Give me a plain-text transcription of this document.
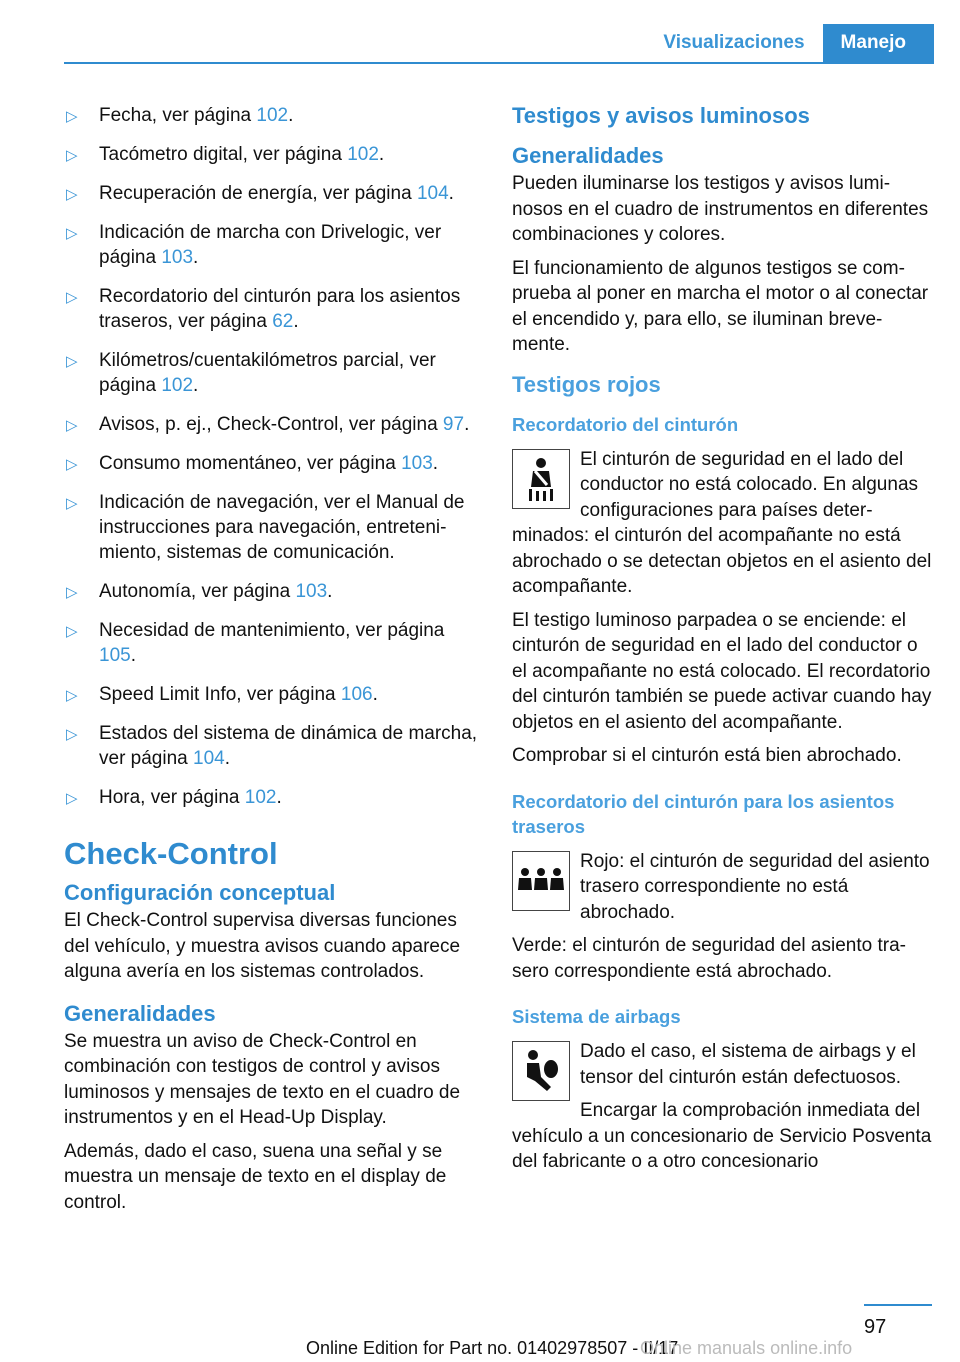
Visualizaciones	Manejo
▷ Fecha, ver página 102.
▷ Tacómetro digital, ver página 102.
▷ Recuperación de energía, ver página 104.
▷ Indicación de marcha con Drivelogic, ver página 103.
▷ Recordatorio del cinturón para los asientos traseros, ver página 62.
▷ Kilómetros/cuentakilómetros parcial, ver página 102.
▷ Avisos, p. ej., Check-Control, ver página 97.
▷ Consumo momentáneo, ver página 103.
▷ Indicación de navegación, ver el Manual de instrucciones para navegación, entretenimiento, sistemas de comunicación.
▷ Autonomía, ver página 103.
▷ Necesidad de mantenimiento, ver página 105.
▷ Speed Limit Info, ver página 106.
▷ Estados del sistema de dinámica de marcha, ver página 104.
▷ Hora, ver página 102.
Check-Control
Configuración conceptual

El Check-Control supervisa diversas funciones del vehículo, y muestra avisos cuando aparece alguna avería en los sistemas controlados.

Generalidades

Se muestra un aviso de Check-Control en combinación con testigos de control y avisos luminosos y mensajes de texto en el cuadro de instrumentos y en el Head-Up Display.

Además, dado el caso, suena una señal y se muestra un mensaje de texto en el display de control.

Testigos y avisos luminosos
Generalidades

Pueden iluminarse los testigos y avisos luminosos en el cuadro de instrumentos en diferentes combinaciones y colores.

El funcionamiento de algunos testigos se comprueba al poner en marcha el motor o al conectar el encendido y, para ello, se iluminan brevemente.

Testigos rojos
Recordatorio del cinturón

El cinturón de seguridad en el lado del conductor no está colocado. En algunas configuraciones para países determinados: el cinturón del acompañante no está abrochado o se detectan objetos en el asiento del acompañante.

El testigo luminoso parpadea o se enciende: el cinturón de seguridad en el lado del conductor o el acompañante no está colocado. El recordatorio del cinturón también se puede activar cuando hay objetos en el asiento del acompañante.

Comprobar si el cinturón está bien abrochado.

Recordatorio del cinturón para los asientos traseros

Rojo: el cinturón de seguridad del asiento trasero correspondiente no está abrochado.

Verde: el cinturón de seguridad del asiento trasero correspondiente está abrochado.

Sistema de airbags

Dado el caso, el sistema de airbags y el tensor del cinturón están defectuosos.

Encargar la comprobación inmediata del vehículo a un concesionario de Servicio Posventa del fabricante o a otro concesionario

97
Online Edition for Part no. 01402978507 - II/17
Online manuals online.info
